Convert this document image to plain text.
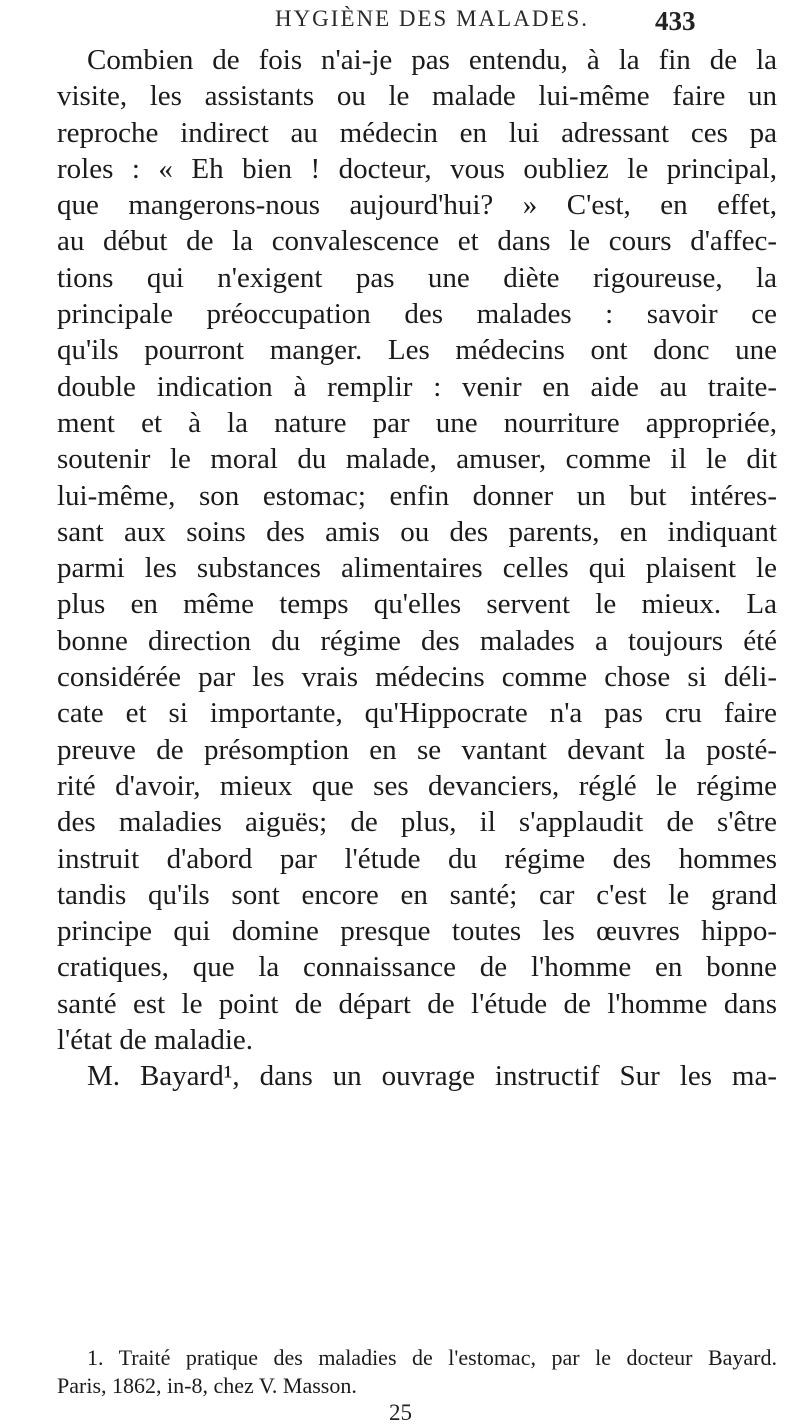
HYGIÈNE DES MALADES.	433
Combien de fois n'ai-je pas entendu, à la fin de la
visite, les assistants ou le malade lui-même faire un
reproche indirect au médecin en lui adressant ces pa
roles : « Eh bien ! docteur, vous oubliez le principal,
que mangerons-nous aujourd'hui? » C'est, en effet,
au début de la convalescence et dans le cours d'affec-
tions qui n'exigent pas une diète rigoureuse, la
principale préoccupation des malades : savoir ce
qu'ils pourront manger. Les médecins ont donc une
double indication à remplir : venir en aide au traite-
ment et à la nature par une nourriture appropriée,
soutenir le moral du malade, amuser, comme il le dit
lui-même, son estomac; enfin donner un but intéres-
sant aux soins des amis ou des parents, en indiquant
parmi les substances alimentaires celles qui plaisent le
plus en même temps qu'elles servent le mieux. La
bonne direction du régime des malades a toujours été
considérée par les vrais médecins comme chose si déli-
cate et si importante, qu'Hippocrate n'a pas cru faire
preuve de présomption en se vantant devant la posté-
rité d'avoir, mieux que ses devanciers, réglé le régime
des maladies aiguës; de plus, il s'applaudit de s'être
instruit d'abord par l'étude du régime des hommes
tandis qu'ils sont encore en santé; car c'est le grand
principe qui domine presque toutes les œuvres hippo-
cratiques, que la connaissance de l'homme en bonne
santé est le point de départ de l'étude de l'homme dans
l'état de maladie.
M. Bayard¹, dans un ouvrage instructif Sur les ma-
1. Traité pratique des maladies de l'estomac, par le docteur Bayard.
Paris, 1862, in-8, chez V. Masson.
25
